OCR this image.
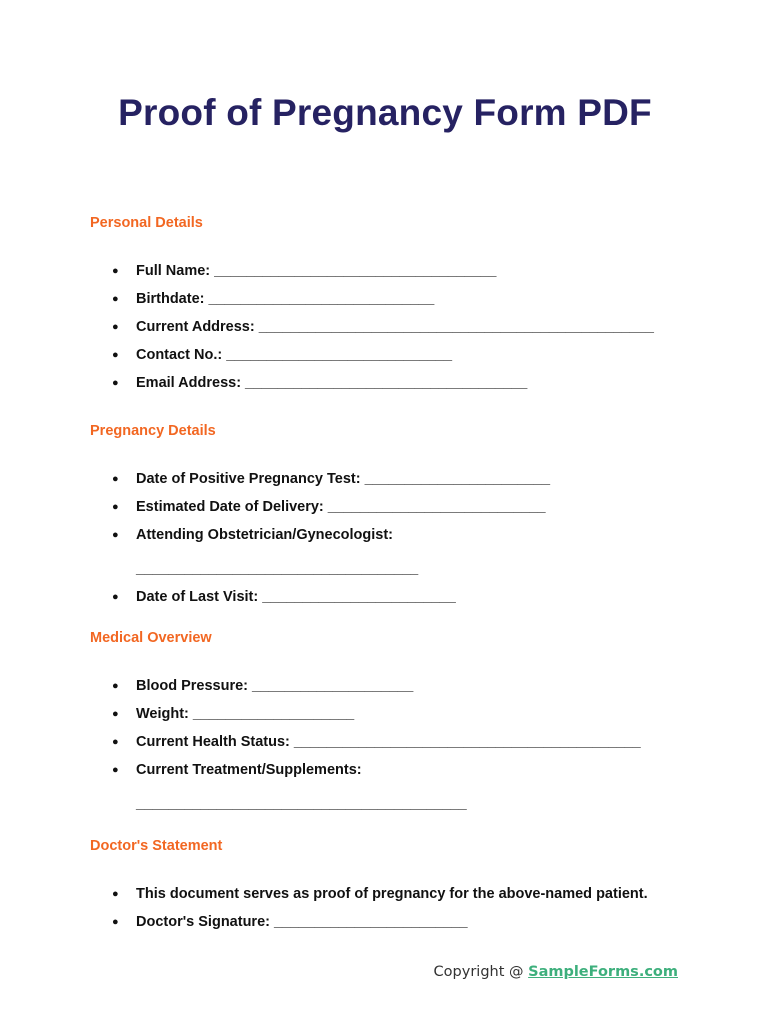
Proof of Pregnancy Form PDF
Personal Details
● Full Name: ___________________________________
● Birthdate: ____________________________
● Current Address: _________________________________________________
● Contact No.: ____________________________
● Email Address: ___________________________________
Pregnancy Details
● Date of Positive Pregnancy Test: _______________________
● Estimated Date of Delivery: ___________________________
● Attending Obstetrician/Gynecologist:
___________________________________
● Date of Last Visit: ________________________
Medical Overview
● Blood Pressure: ____________________
● Weight: ____________________
● Current Health Status: ___________________________________________
● Current Treatment/Supplements:
_________________________________________
Doctor's Statement
● This document serves as proof of pregnancy for the above-named patient.
● Doctor's Signature: ________________________
Copyright @ SampleForms.com
